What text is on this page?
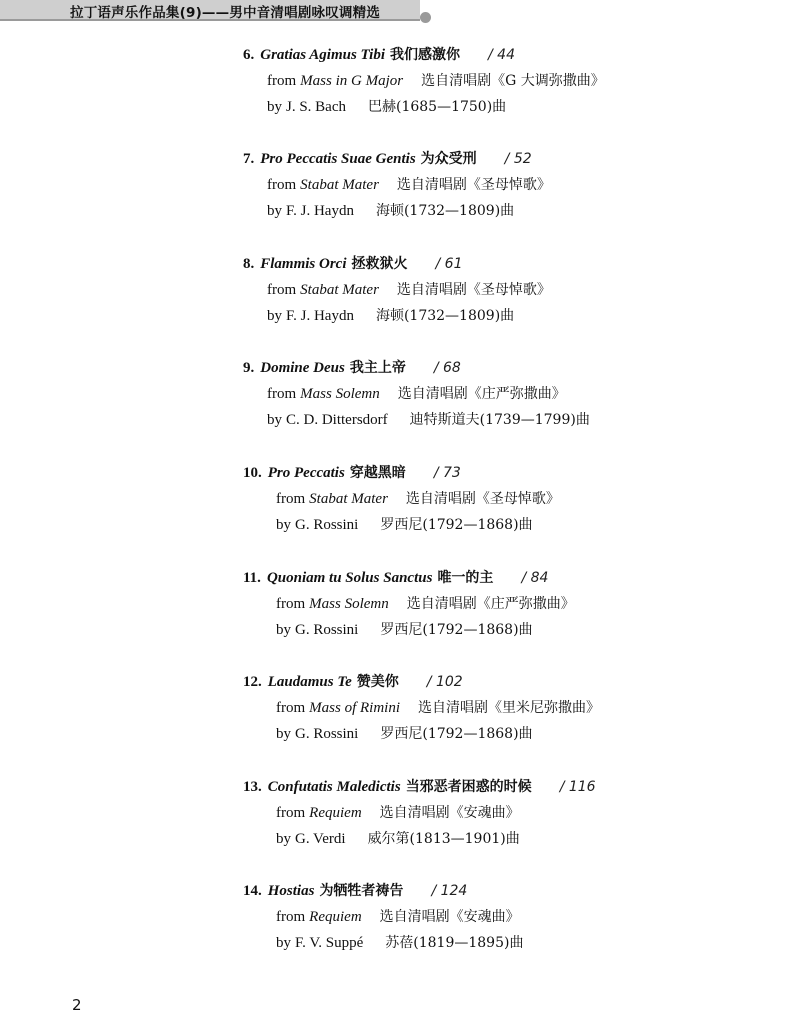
拉丁语声乐作品集(9)——男中音清唱剧咏叹调精选
6. Gratias Agimus Tibi 我们感激你 / 44
from Mass in G Major 选自清唱剧《G 大调弥撒曲》
by J. S. Bach 巴赫(1685—1750)曲
7. Pro Peccatis Suae Gentis 为众受刑 / 52
from Stabat Mater 选自清唱剧《圣母悼歌》
by F. J. Haydn 海顿(1732—1809)曲
8. Flammis Orci 拯救狱火 / 61
from Stabat Mater 选自清唱剧《圣母悼歌》
by F. J. Haydn 海顿(1732—1809)曲
9. Domine Deus 我主上帝 / 68
from Mass Solemn 选自清唱剧《庄严弥撒曲》
by C. D. Dittersdorf 迪特斯道夫(1739—1799)曲
10. Pro Peccatis 穿越黑暗 / 73
from Stabat Mater 选自清唱剧《圣母悼歌》
by G. Rossini 罗西尼(1792—1868)曲
11. Quoniam tu Solus Sanctus 唯一的主 / 84
from Mass Solemn 选自清唱剧《庄严弥撒曲》
by G. Rossini 罗西尼(1792—1868)曲
12. Laudamus Te 赞美你 / 102
from Mass of Rimini 选自清唱剧《里米尼弥撒曲》
by G. Rossini 罗西尼(1792—1868)曲
13. Confutatis Maledictis 当邪恶者困惑的时候 / 116
from Requiem 选自清唱剧《安魂曲》
by G. Verdi 威尔第(1813—1901)曲
14. Hostias 为牺牲者祷告 / 124
from Requiem 选自清唱剧《安魂曲》
by F. V. Suppé 苏蓓(1819—1895)曲
2
